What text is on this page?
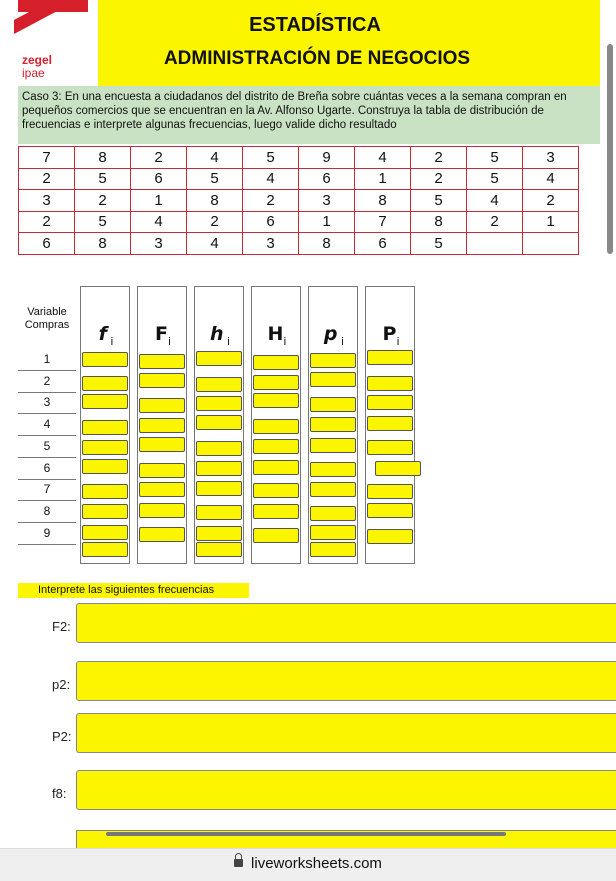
zegel
ipae
ESTADÍSTICA
ADMINISTRACIÓN DE NEGOCIOS
Caso 3: En una encuesta a ciudadanos del distrito de Breña sobre cuántas veces a la semana compran en pequeños comercios que se encuentran en la Av. Alfonso Ugarte. Construya la tabla de distribución de frecuencias e interprete algunas frecuencias, luego valide dicho resultado
7	8	2	4	5	9	4	2	5	3
2	5	6	5	4	6	1	2	5	4
3	2	1	8	2	3	8	5	4	2
2	5	4	2	6	1	7	8	2	1
6	8	3	4	3	8	6	5		
Variable
Compras
1
2
3
4
5
6
7
8
9
f $_i$	$F_i$	h $_i$	$H_i$	p $_i$	$P_i$
Interprete las siguientes frecuencias
F2:
p2:
P2:
f8:
liveworksheets.com
